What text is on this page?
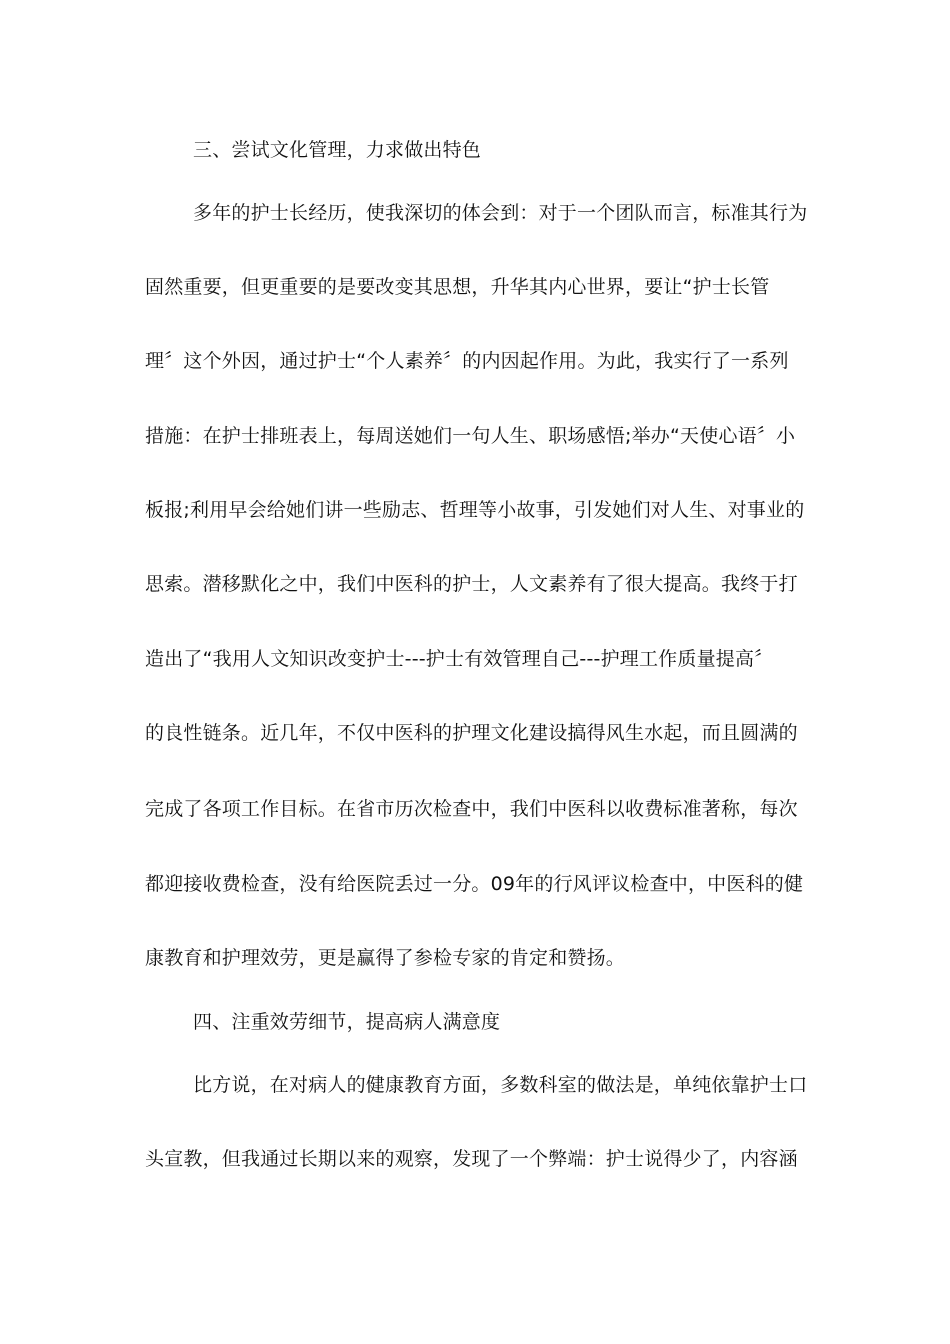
三、尝试文化管理，力求做出特色
多年的护士长经历，使我深切的体会到：对于一个团队而言，标准其行为
固然重要，但更重要的是要改变其思想，升华其内心世界，要让“护士长管
理〞这个外因，通过护士“个人素养〞的内因起作用。为此，我实行了一系列
措施：在护士排班表上，每周送她们一句人生、职场感悟;举办“天使心语〞小
板报;利用早会给她们讲一些励志、哲理等小故事，引发她们对人生、对事业的
思索。潜移默化之中，我们中医科的护士，人文素养有了很大提高。我终于打
造出了“我用人文知识改变护士---护士有效管理自己---护理工作质量提高〞
的良性链条。近几年，不仅中医科的护理文化建设搞得风生水起，而且圆满的
完成了各项工作目标。在省市历次检查中，我们中医科以收费标准著称，每次
都迎接收费检查，没有给医院丢过一分。09年的行风评议检查中，中医科的健
康教育和护理效劳，更是赢得了参检专家的肯定和赞扬。
四、注重效劳细节，提高病人满意度
比方说，在对病人的健康教育方面，多数科室的做法是，单纯依靠护士口
头宣教，但我通过长期以来的观察，发现了一个弊端：护士说得少了，内容涵
